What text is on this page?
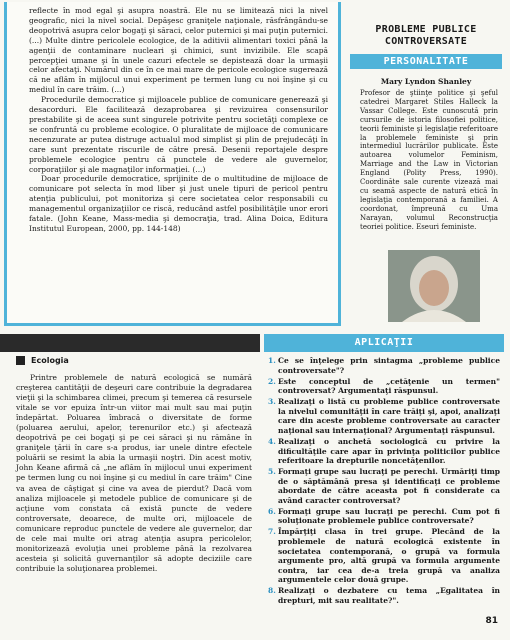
reflecte în mod egal şi asupra noastră. Ele nu se limitează nici la nivel geografic, nici la nivel social. Depăşesc graniţele naţionale, răsfrângându-se deopotrivă asupra celor bogaţi şi săraci, celor puternici şi mai puţin puternici. (...) Multe dintre pericolele ecologice, de la aditivii alimentari toxici până la agenţii de contaminare nucleari şi chimici, sunt invizibile. Ele scapă percepţiei umane şi în unele cazuri efectele se depistează doar la urmaşii celor afectaţi. Numărul din ce în ce mai mare de pericole ecologice sugerează că ne aflăm în mijlocul unui experiment pe termen lung cu noi înşine şi cu mediul în care trăim. (...)

Procedurile democratice şi mijloacele publice de comunicare generează şi desacorduri. Ele facilitează dezaprobarea şi revizuirea consensurilor prestabilite şi de aceea sunt singurele potrivite pentru societăţi complexe ce se confruntă cu probleme ecologice. O pluralitate de mijloace de comunicare necenzurate ar putea distruge actualul mod simplist şi plin de prejudecăţi în care sunt prezentate riscurile de către presă. Desenii reportajele despre problemele ecologice pentru că punctele de vedere ale guvernelor, corporaţiilor şi ale magnaţilor informaţiei. (...)

Doar procedurile democratice, sprijinite de o multitudine de mijloace de comunicare pot selecta în mod liber şi just unele tipuri de pericol pentru atenţia publicului, pot monitoriza şi cere societatea celor responsabili cu managementul organizaţiilor ce riscă, reducând astfel posibilităţile unor erori fatale. (John Keane, Mass-media şi democraţia, trad. Alina Doica, Editura Institutul European, 2000, pp. 144-148)

PROBLEME PUBLICE CONTROVERSATE
PERSONALITATE
Mary Lyndon Shanley

Profesor de ştiinţe politice şi şeful catedrei Margaret Stiles Halleck la Vassar College. Este cunoscută prin cursurile de istoria filosofiei politice, teorii feministe şi legislaţie referitoare la problemele feministe şi prin intermediul lucrărilor publicate. Este autoarea volumelor Feminism, Marriage and the Law in Victorian England (Polity Press, 1990). Coordinăte sale curente vizează mai cu seamă aspecte de natură etică în legislaţia contemporană a familiei. A coordonat, împreună cu Uma Narayan, volumul Reconstrucţia teoriei politice. Eseuri feministe.

APLICAŢII
Ecologia

Printre problemele de natură ecologică se numără creşterea cantităţii de deşeuri care contribuie la degradarea vieţii şi la schimbarea climei, precum şi temerea că resursele vitale se vor epuiza într-un viitor mai mult sau mai puţin îndepărtat. Poluarea îmbracă o diversitate de forme (poluarea aerului, apelor, terenurilor etc.) şi afectează deopotrivă pe cei bogaţi şi pe cei săraci şi nu rămâne în graniţele ţării în care s-a produs, iar unele dintre efectele poluării se resimt la abia la urmaşii noştri. Din acest motiv, John Keane afirmă că „ne aflăm în mijlocul unui experiment pe termen lung cu noi înşine şi cu mediul în care trăim" Cine va avea de câştigat şi cine va avea de pierdut? Dacă vom analiza mijloacele şi metodele publice de comunicare şi de acţiune vom constata că există puncte de vedere controversate, deoarece, de multe ori, mijloacele de comunicare reproduc punctele de vedere ale guvernelor, dar de cele mai multe ori atrag atenţia asupra pericolelor, monitorizează evoluţia unei probleme până la rezolvarea acesteia şi solicită guvernanţilor să adopte deciziile care contribuie la soluţionarea problemei.

1. Ce se înţelege prin sintagma „probleme publice controversate"?
2. Este conceptul de „cetăţenie un termen" controversat? Argumentaţi răspunsul.
3. Realizaţi o listă cu probleme publice controversate la nivelul comunităţii în care trăiţi şi, apoi, analizaţi care din aceste probleme controversate au caracter naţional sau internaţional? Argumentaţi răspunsul.
4. Realizaţi o anchetă sociologică cu privire la dificultăţile care apar în privinţa politicilor publice referitoare la drepturile noncetăţenilor.
5. Formaţi grupe sau lucraţi pe perechi. Urmăriţi timp de o săptămână presa şi identificaţi ce probleme abordate de către aceasta pot fi considerate ca având caracter controversat?
6. Formaţi grupe sau lucraţi pe perechi. Cum pot fi soluţionate problemele publice controversate?
7. Împărţiţi clasa în trei grupe. Plecând de la problemele de natură ecologică existente în societatea contemporană, o grupă va formula argumente pro, altă grupă va formula argumente contra, iar cea de-a treia grupă va analiza argumentele celor două grupe.
8. Realizaţi o dezbatere cu tema „Egalitatea în drepturi, mit sau realitate?".
81
